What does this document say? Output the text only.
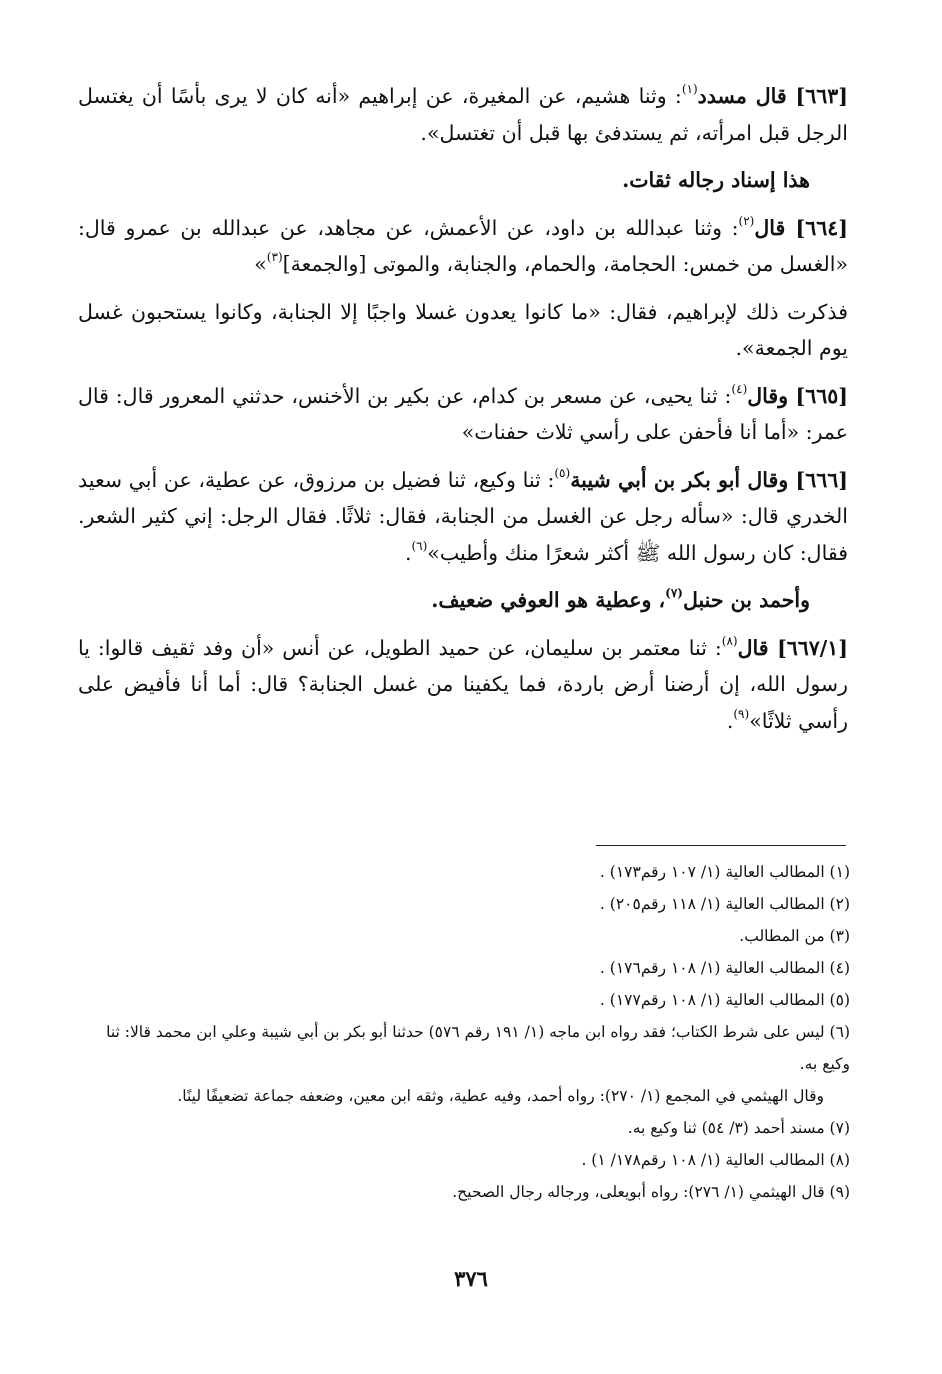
[٦٦٣] قال مسدد$^{(١)}$: وثنا هشيم، عن المغيرة، عن إبراهيم «أنه كان لا يرى بأسًا أن يغتسل الرجل قبل امرأته، ثم يستدفئ بها قبل أن تغتسل».

هذا إسناد رجاله ثقات.

[٦٦٤] قال$^{(٢)}$: وثنا عبدالله بن داود، عن الأعمش، عن مجاهد، عن عبدالله بن عمرو قال: «الغسل من خمس: الحجامة، والحمام، والجنابة، والموتى [والجمعة]$^{(٣)}$»

فذكرت ذلك لإبراهيم، فقال: «ما كانوا يعدون غسلا واجبًا إلا الجنابة، وكانوا يستحبون غسل يوم الجمعة».

[٦٦٥] وقال$^{(٤)}$: ثنا يحيى، عن مسعر بن كدام، عن بكير بن الأخنس، حدثني المعرور قال: قال عمر: «أما أنا فأحفن على رأسي ثلاث حفنات»

[٦٦٦] وقال أبو بكر بن أبي شيبة$^{(٥)}$: ثنا وكيع، ثنا فضيل بن مرزوق، عن عطية، عن أبي سعيد الخدري قال: «سأله رجل عن الغسل من الجنابة، فقال: ثلاثًا. فقال الرجل: إني كثير الشعر. فقال: كان رسول الله ﷺ أكثر شعرًا منك وأطيب»$^{(٦)}$.

وأحمد بن حنبل$^{(٧)}$، وعطية هو العوفي ضعيف.

[٦٦٧/١] قال$^{(٨)}$: ثنا معتمر بن سليمان، عن حميد الطويل، عن أنس «أن وفد ثقيف قالوا: يا رسول الله، إن أرضنا أرض باردة، فما يكفينا من غسل الجنابة؟ قال: أما أنا فأفيض على رأسي ثلاثًا»$^{(٩)}$.

(١) المطالب العالية (١/ ١٠٧ رقم١٧٣) .

(٢) المطالب العالية (١/ ١١٨ رقم٢٠٥) .

(٣) من المطالب.

(٤) المطالب العالية (١/ ١٠٨ رقم١٧٦) .

(٥) المطالب العالية (١/ ١٠٨ رقم١٧٧) .

(٦) ليس على شرط الكتاب؛ فقد رواه ابن ماجه (١/ ١٩١ رقم ٥٧٦) حدثنا أبو بكر بن أبي شيبة وعلي ابن محمد قالا: ثنا وكيع به.

وقال الهيثمي في المجمع (١/ ٢٧٠): رواه أحمد، وفيه عطية، وثقه ابن معين، وضعفه جماعة تضعيفًا لينًا.

(٧) مسند أحمد (٣/ ٥٤) ثنا وكيع به.

(٨) المطالب العالية (١/ ١٠٨ رقم١٧٨/ ١) .

(٩) قال الهيثمي (١/ ٢٧٦): رواه أبويعلى، ورجاله رجال الصحيح.

٣٧٦
